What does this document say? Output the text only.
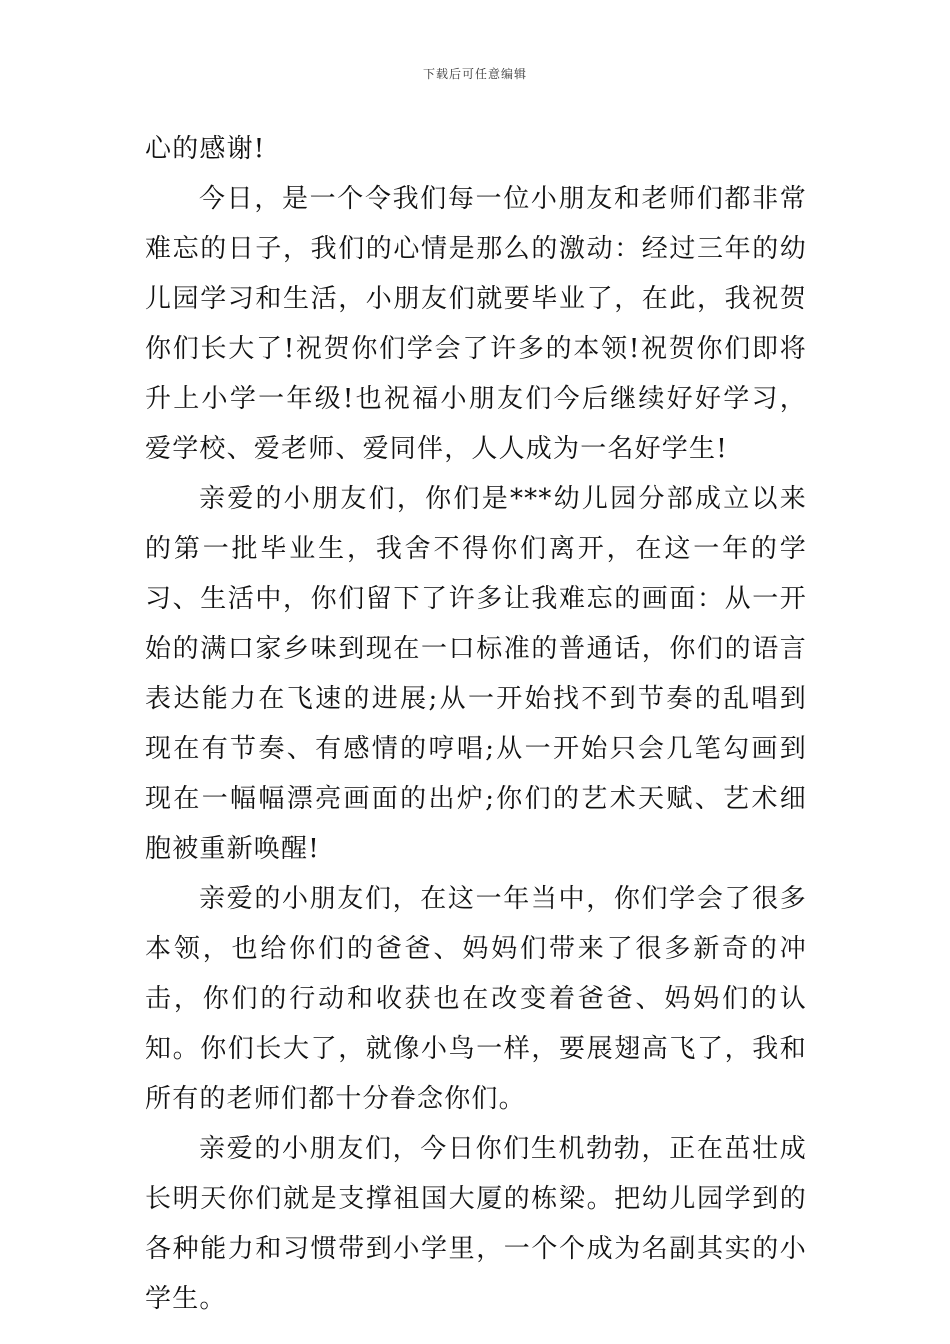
下载后可任意编辑

心的感谢!

今日，是一个令我们每一位小朋友和老师们都非常难忘的日子，我们的心情是那么的激动：经过三年的幼儿园学习和生活，小朋友们就要毕业了，在此，我祝贺你们长大了!祝贺你们学会了许多的本领!祝贺你们即将升上小学一年级!也祝福小朋友们今后继续好好学习，爱学校、爱老师、爱同伴，人人成为一名好学生!

亲爱的小朋友们，你们是***幼儿园分部成立以来的第一批毕业生，我舍不得你们离开，在这一年的学习、生活中，你们留下了许多让我难忘的画面：从一开始的满口家乡味到现在一口标准的普通话，你们的语言表达能力在飞速的进展;从一开始找不到节奏的乱唱到现在有节奏、有感情的哼唱;从一开始只会几笔勾画到现在一幅幅漂亮画面的出炉;你们的艺术天赋、艺术细胞被重新唤醒!

亲爱的小朋友们，在这一年当中，你们学会了很多本领，也给你们的爸爸、妈妈们带来了很多新奇的冲击，你们的行动和收获也在改变着爸爸、妈妈们的认知。你们长大了，就像小鸟一样，要展翅高飞了，我和所有的老师们都十分眷念你们。

亲爱的小朋友们，今日你们生机勃勃，正在茁壮成长明天你们就是支撑祖国大厦的栋梁。把幼儿园学到的各种能力和习惯带到小学里，一个个成为名副其实的小学生。
